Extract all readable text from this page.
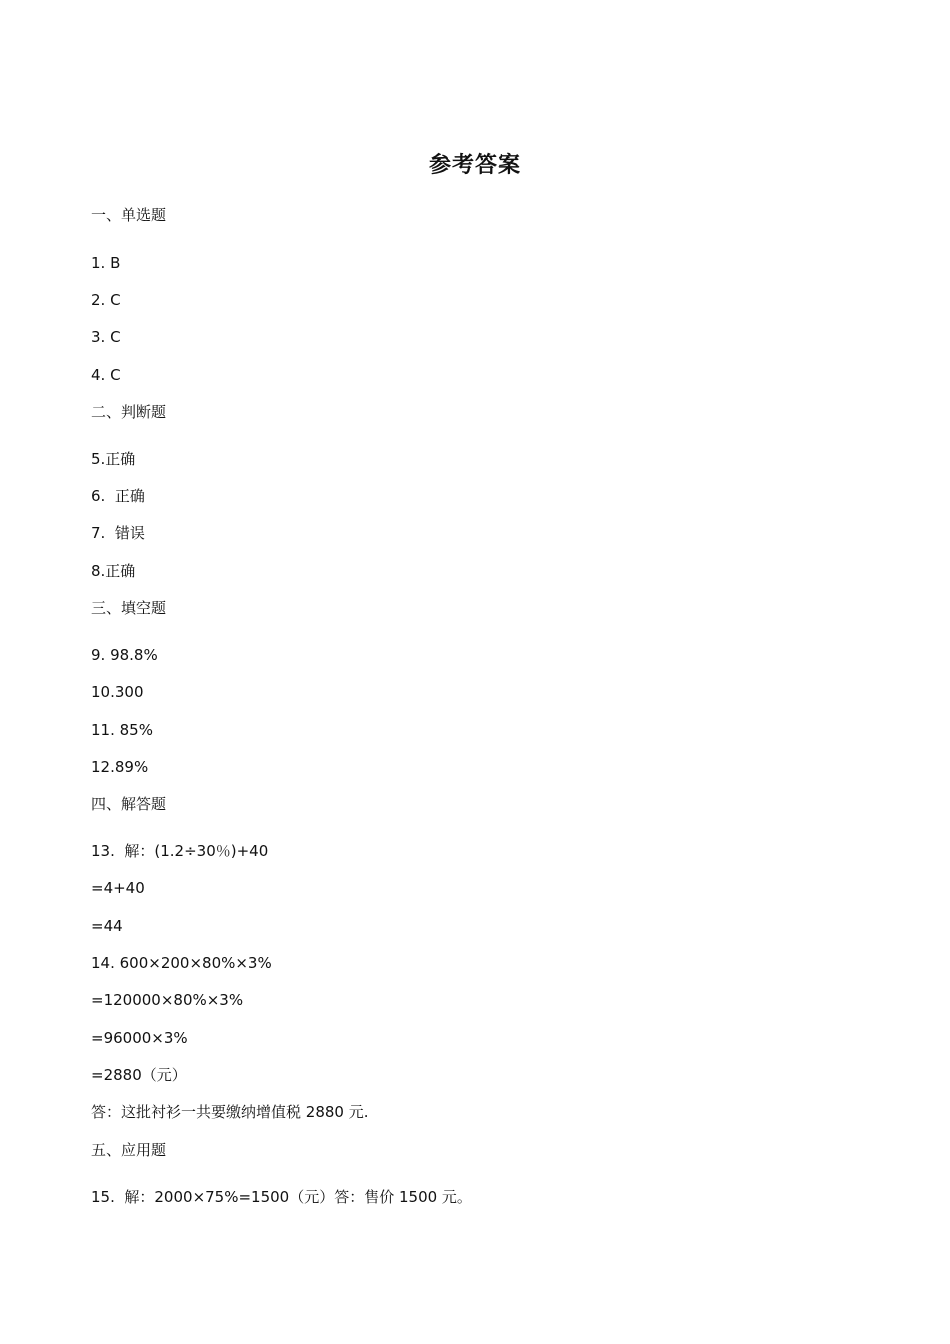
参考答案
一、单选题
1. B
2. C
3. C
4. C
二、判断题
5.正确
6.  正确
7.  错误
8.正确
三、填空题
9. 98.8%
10.300
11. 85%
12.89%
四、解答题
13.  解：(1.2÷30％)+40
=4+40
=44
14. 600×200×80%×3%
=120000×80%×3%
=96000×3%
=2880（元）
答：这批衬衫一共要缴纳增值税 2880 元.
五、应用题
15.  解：2000×75%=1500（元）答：售价 1500 元。
